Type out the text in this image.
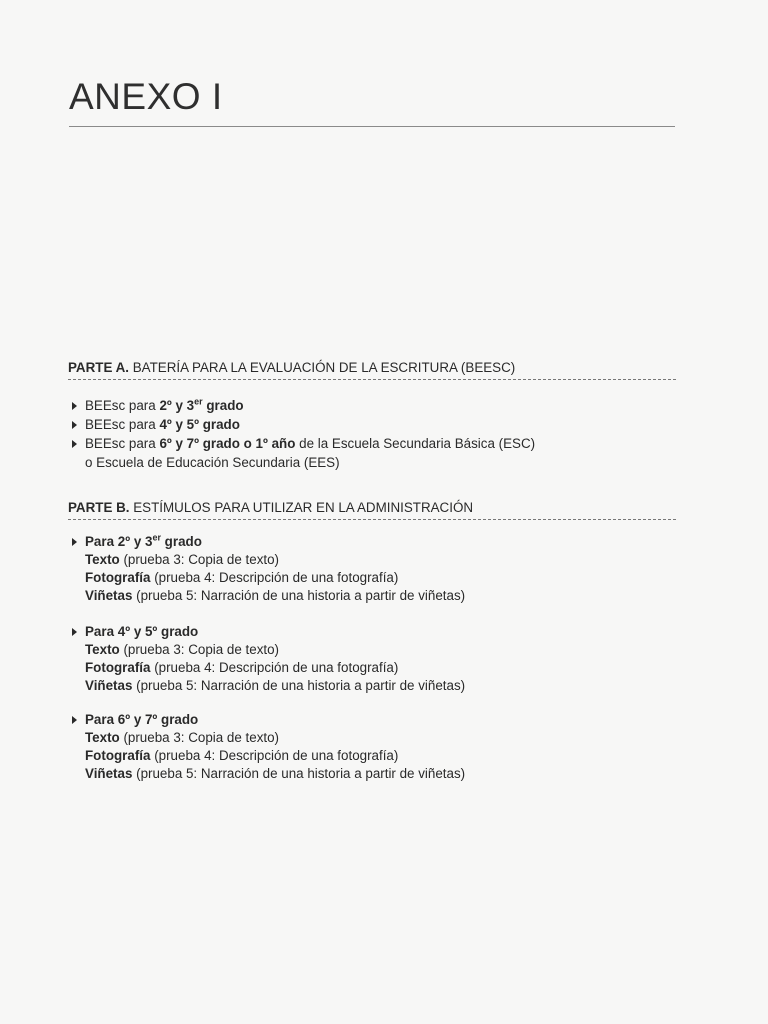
ANEXO I
PARTE A. BATERÍA PARA LA EVALUACIÓN DE LA ESCRITURA (BEESC)
BEEsc para 2º y 3er grado
BEEsc para 4º y 5º grado
BEEsc para 6º y 7º grado o 1º año de la Escuela Secundaria Básica (ESC)
o Escuela de Educación Secundaria (EES)
PARTE B. ESTÍMULOS PARA UTILIZAR EN LA ADMINISTRACIÓN
Para 2º y 3er grado
Texto (prueba 3: Copia de texto)
Fotografía (prueba 4: Descripción de una fotografía)
Viñetas (prueba 5: Narración de una historia a partir de viñetas)
Para 4º y 5º grado
Texto (prueba 3: Copia de texto)
Fotografía (prueba 4: Descripción de una fotografía)
Viñetas (prueba 5: Narración de una historia a partir de viñetas)
Para 6º y 7º grado
Texto (prueba 3: Copia de texto)
Fotografía (prueba 4: Descripción de una fotografía)
Viñetas (prueba 5: Narración de una historia a partir de viñetas)
